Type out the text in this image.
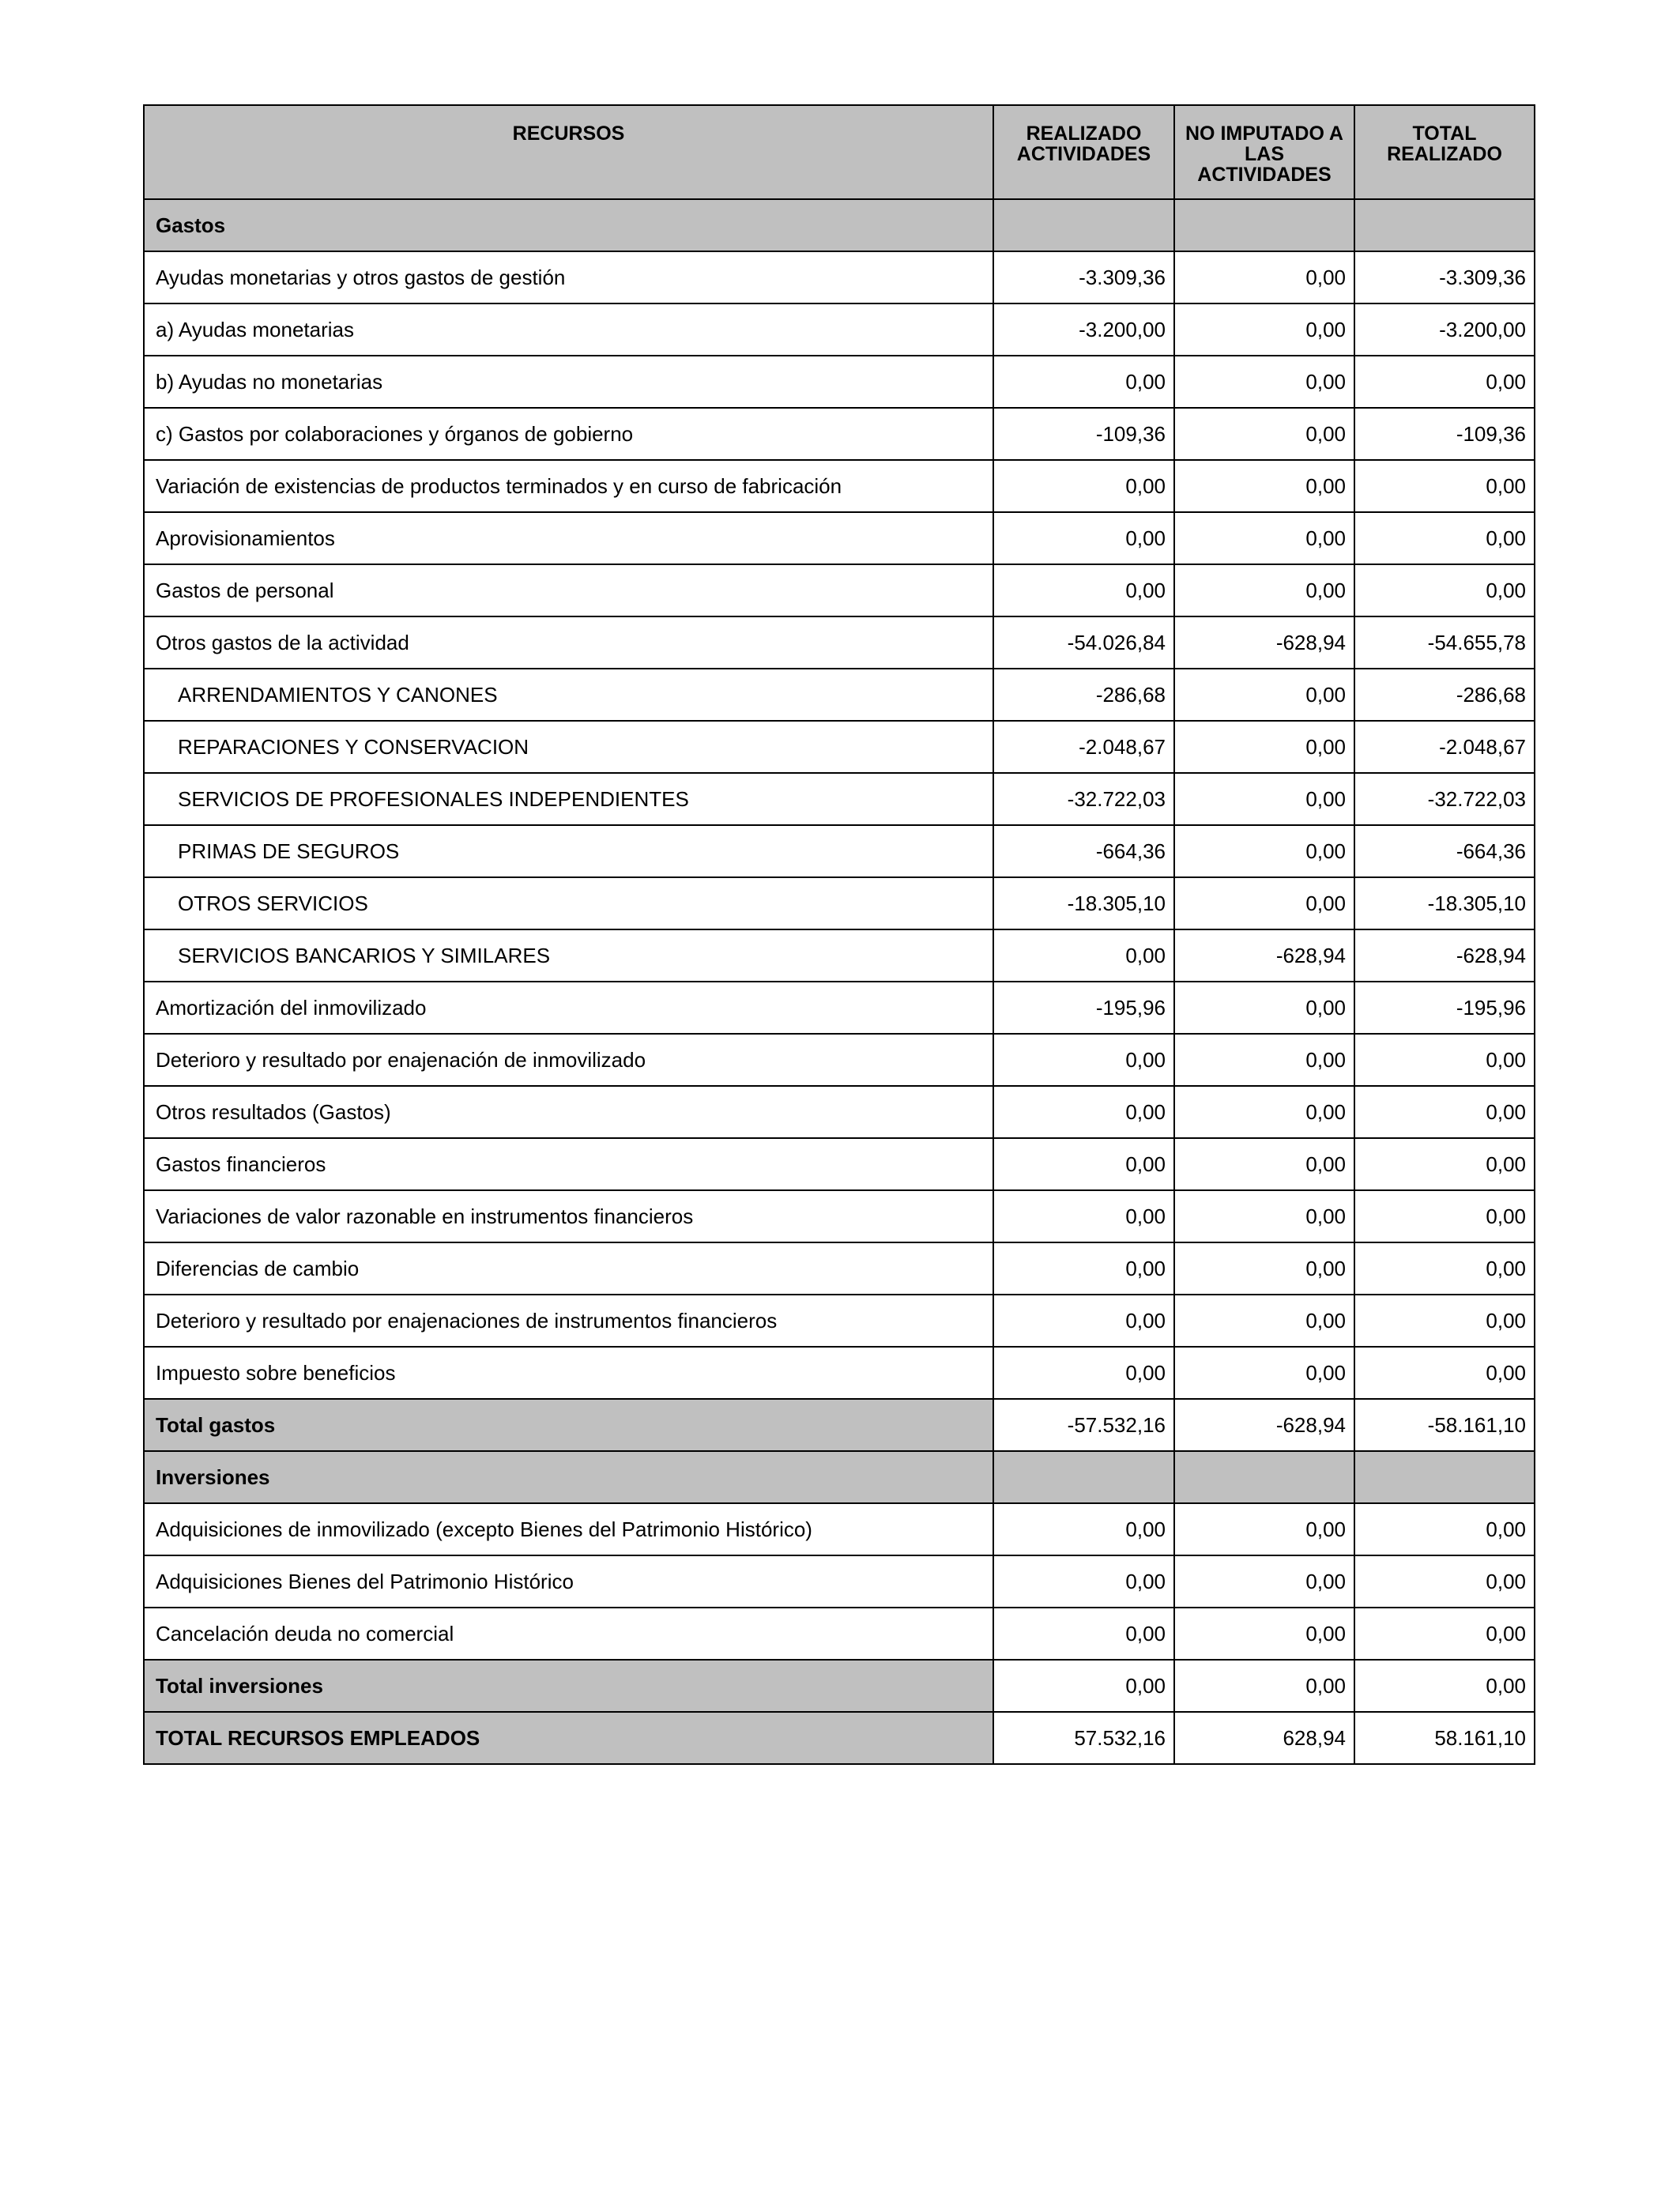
RECURSOS	REALIZADO ACTIVIDADES	NO IMPUTADO A LAS ACTIVIDADES	TOTAL REALIZADO
Gastos			
Ayudas monetarias y otros gastos de gestión	-3.309,36	0,00	-3.309,36
a) Ayudas monetarias	-3.200,00	0,00	-3.200,00
b) Ayudas no monetarias	0,00	0,00	0,00
c) Gastos por colaboraciones y órganos de gobierno	-109,36	0,00	-109,36
Variación de existencias de productos terminados y en curso de fabricación	0,00	0,00	0,00
Aprovisionamientos	0,00	0,00	0,00
Gastos de personal	0,00	0,00	0,00
Otros gastos de la actividad	-54.026,84	-628,94	-54.655,78
ARRENDAMIENTOS Y CANONES	-286,68	0,00	-286,68
REPARACIONES Y CONSERVACION	-2.048,67	0,00	-2.048,67
SERVICIOS DE PROFESIONALES INDEPENDIENTES	-32.722,03	0,00	-32.722,03
PRIMAS DE SEGUROS	-664,36	0,00	-664,36
OTROS SERVICIOS	-18.305,10	0,00	-18.305,10
SERVICIOS BANCARIOS Y SIMILARES	0,00	-628,94	-628,94
Amortización del inmovilizado	-195,96	0,00	-195,96
Deterioro y resultado por enajenación de inmovilizado	0,00	0,00	0,00
Otros resultados (Gastos)	0,00	0,00	0,00
Gastos financieros	0,00	0,00	0,00
Variaciones de valor razonable en instrumentos financieros	0,00	0,00	0,00
Diferencias de cambio	0,00	0,00	0,00
Deterioro y resultado por enajenaciones de instrumentos financieros	0,00	0,00	0,00
Impuesto sobre beneficios	0,00	0,00	0,00
Total gastos	-57.532,16	-628,94	-58.161,10
Inversiones			
Adquisiciones de inmovilizado (excepto Bienes del Patrimonio Histórico)	0,00	0,00	0,00
Adquisiciones Bienes del Patrimonio Histórico	0,00	0,00	0,00
Cancelación deuda no comercial	0,00	0,00	0,00
Total inversiones	0,00	0,00	0,00
TOTAL RECURSOS EMPLEADOS	57.532,16	628,94	58.161,10
